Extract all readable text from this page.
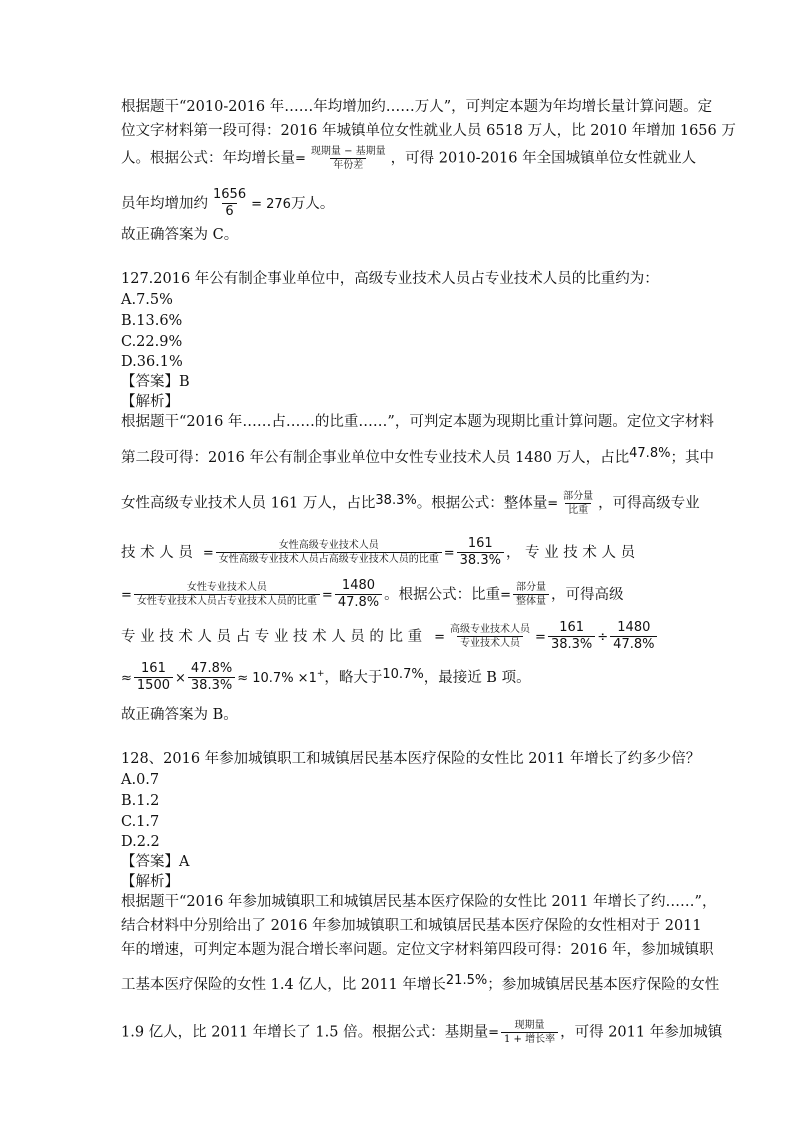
根据题干“2010-2016 年……年均增加约……万人”，可判定本题为年均增长量计算问题。定
位文字材料第一段可得：2016 年城镇单位女性就业人员 6518 万人，比 2010 年增加 1656 万
人。根据公式：年均增长量= $\frac{\text{现期量 − 基期量}}{\text{年份差}}$ ，可得 2010-2016 年全国城镇单位女性就业人
员年均增加约 $\frac{1656}{6} = 276$万人。
故正确答案为 C。
127.2016 年公有制企事业单位中，高级专业技术人员占专业技术人员的比重约为：
A.7.5%
B.13.6%
C.22.9%
D.36.1%
【答案】B
【解析】
根据题干“2016 年……占……的比重……”，可判定本题为现期比重计算问题。定位文字材料
第二段可得：2016 年公有制企事业单位中女性专业技术人员 1480 万人，占比47.8%；其中
女性高级专业技术人员 161 万人，占比38.3%。根据公式：整体量= $\frac{\text{部分量}}{\text{比重}}$ ，可得高级专业
技 术 人 员 = $\frac{\text{女性高级专业技术人员}}{\text{女性高级专业技术人员占高级专业技术人员的比重}} = \frac{161}{38.3\%}$ ， 专 业 技 术 人 员
= $\frac{\text{女性专业技术人员}}{\text{女性专业技术人员占专业技术人员的比重}} = \frac{1480}{47.8\%}$ 。根据公式：比重= $\frac{\text{部分量}}{\text{整体量}}$ ，可得高级
专 业 技 术 人 员 占 专 业 技 术 人 员 的 比 重 = $\frac{\text{高级专业技术人员}}{\text{专业技术人员}} = \frac{161}{38.3\%} \div \frac{1480}{47.8\%}$
≈ $\frac{161}{1500} \times \frac{47.8\%}{38.3\%} \approx 10.7\% \times 1^+$，略大于10.7%，最接近 B 项。
故正确答案为 B。
128、2016 年参加城镇职工和城镇居民基本医疗保险的女性比 2011 年增长了约多少倍？
A.0.7
B.1.2
C.1.7
D.2.2
【答案】A
【解析】
根据题干“2016 年参加城镇职工和城镇居民基本医疗保险的女性比 2011 年增长了约……”，
结合材料中分别给出了 2016 年参加城镇职工和城镇居民基本医疗保险的女性相对于 2011
年的增速，可判定本题为混合增长率问题。定位文字材料第四段可得：2016 年，参加城镇职
工基本医疗保险的女性 1.4 亿人，比 2011 年增长21.5%；参加城镇居民基本医疗保险的女性
1.9 亿人，比 2011 年增长了 1.5 倍。根据公式：基期量= $\frac{\text{现期量}}{\text{1 + 增长率}}$ ，可得 2011 年参加城镇
